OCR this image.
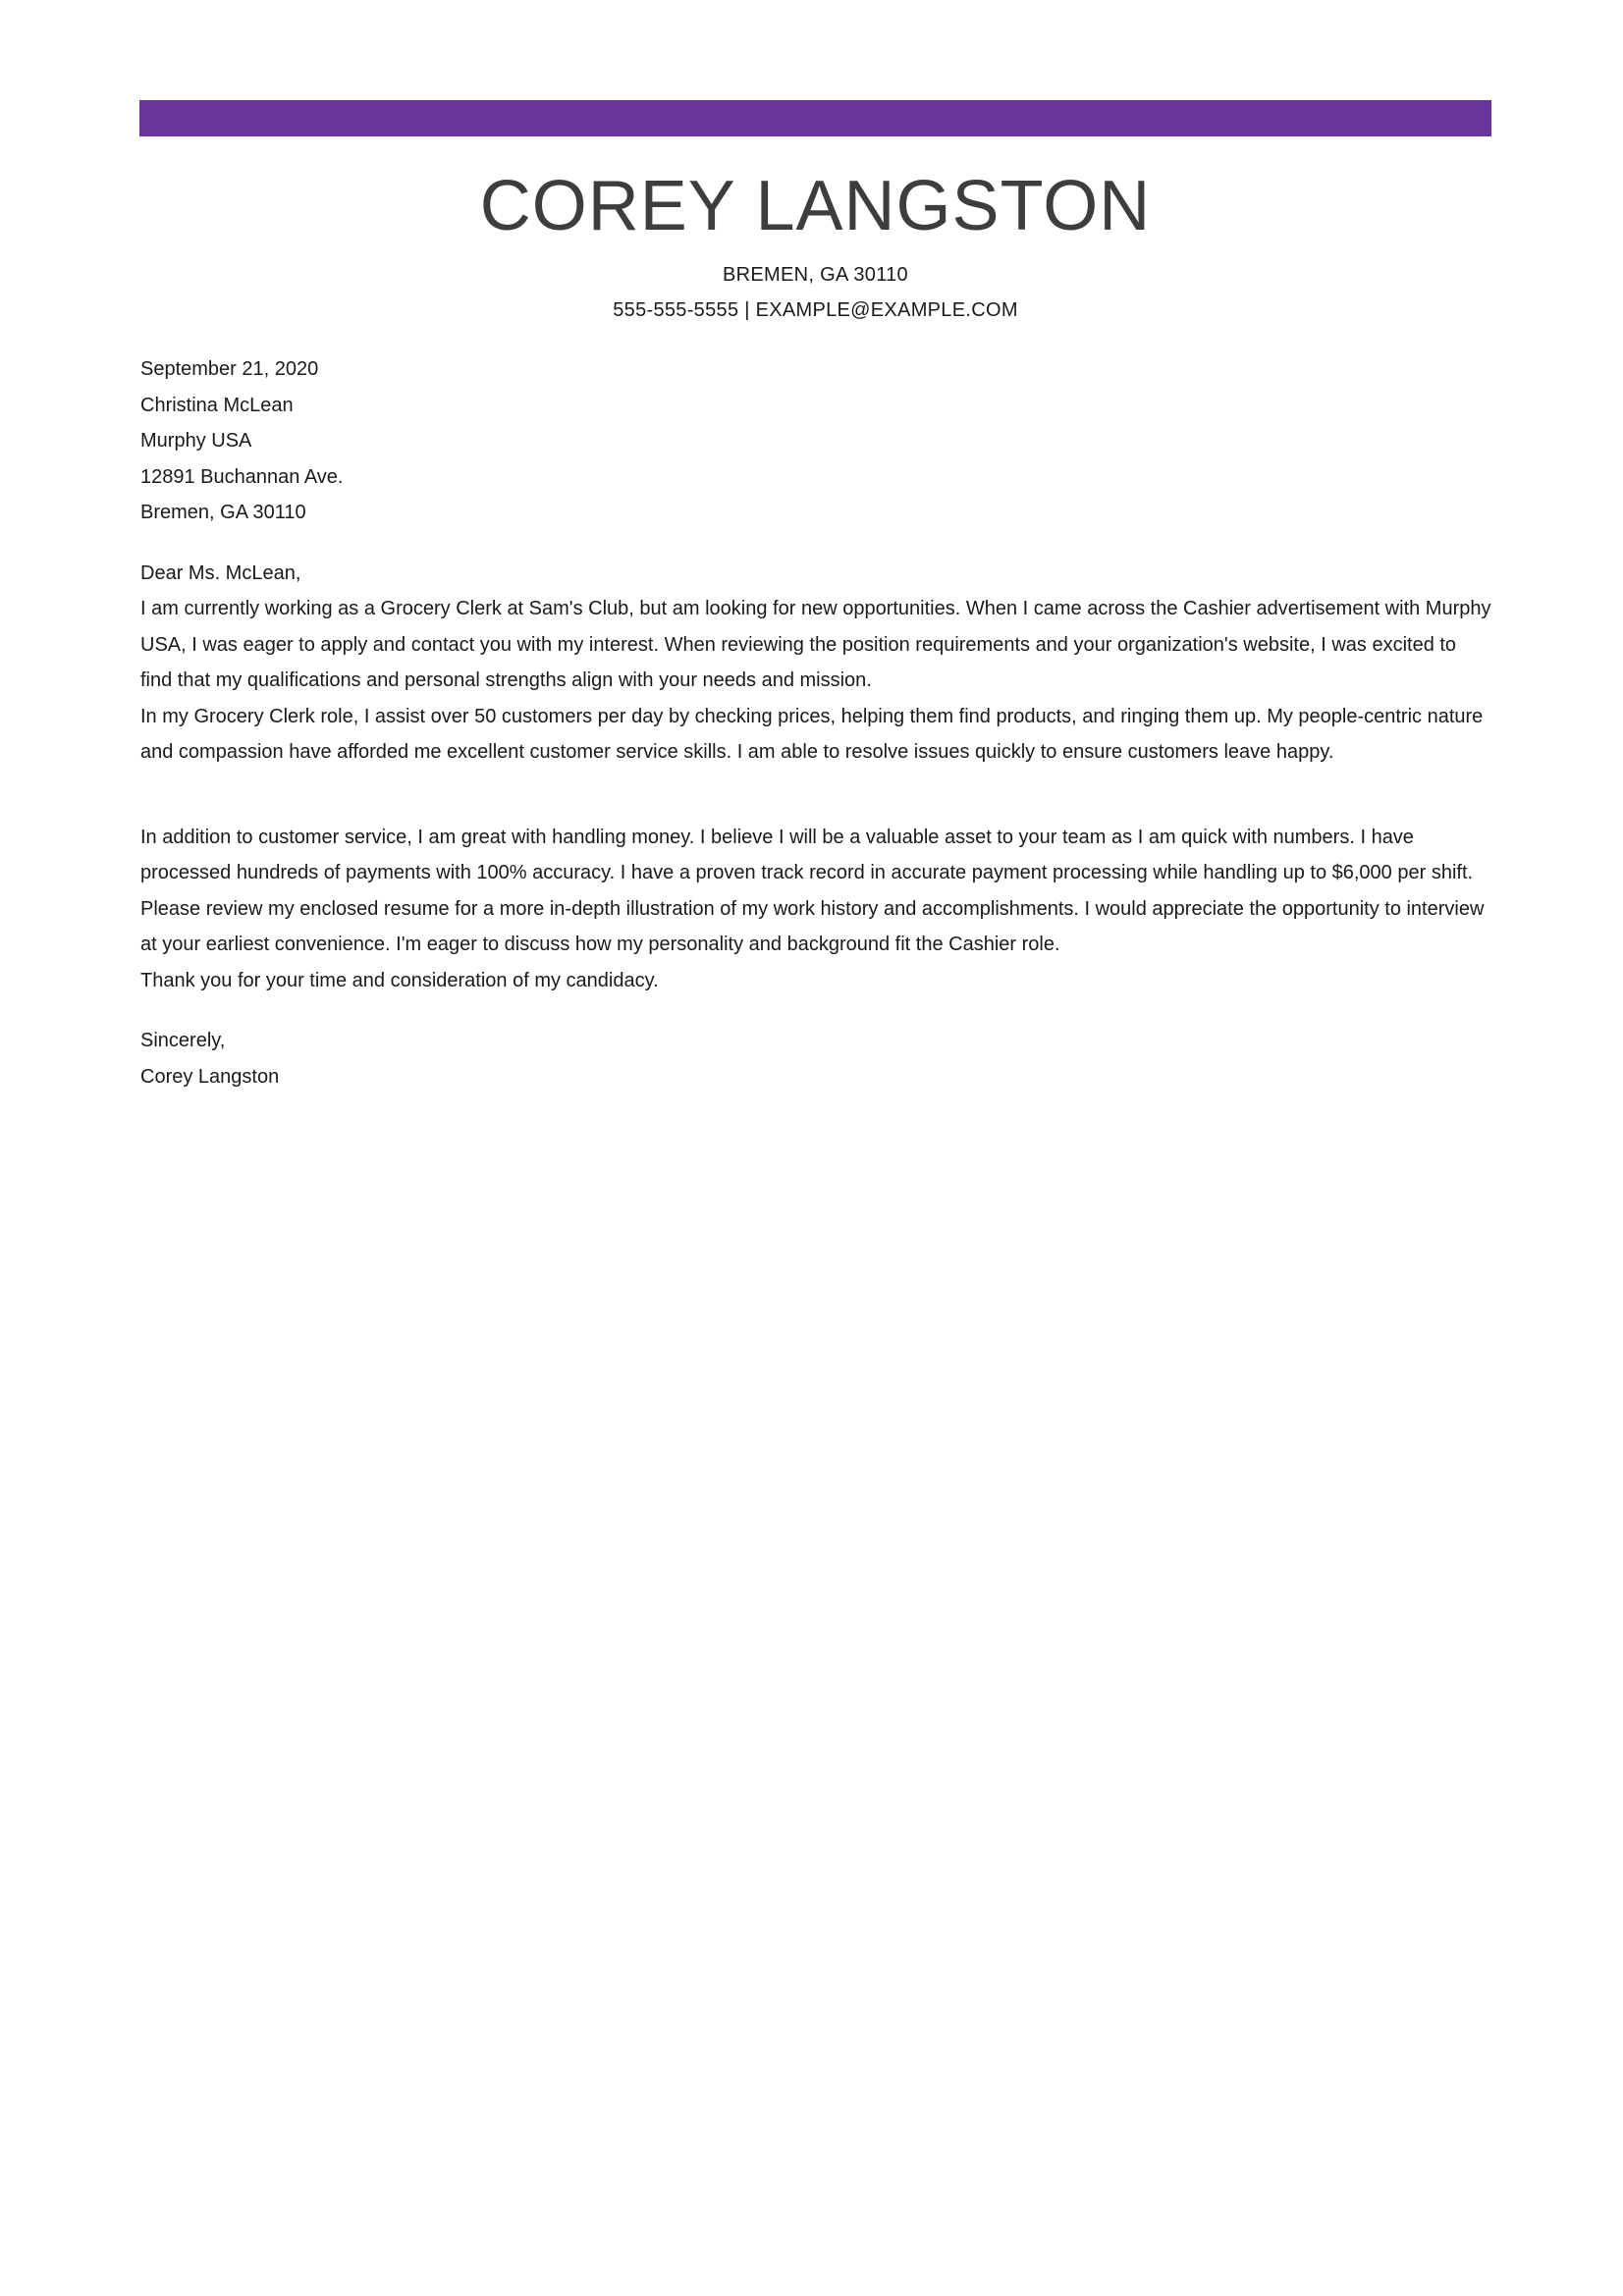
COREY LANGSTON
BREMEN, GA 30110
555-555-5555 | EXAMPLE@EXAMPLE.COM

September 21, 2020

Christina McLean
Murphy USA
12891 Buchannan Ave.
Bremen, GA 30110

Dear Ms. McLean,

I am currently working as a Grocery Clerk at Sam's Club, but am looking for new opportunities. When I came across the Cashier advertisement with Murphy USA, I was eager to apply and contact you with my interest. When reviewing the position requirements and your organization's website, I was excited to find that my qualifications and personal strengths align with your needs and mission.

In my Grocery Clerk role, I assist over 50 customers per day by checking prices, helping them find products, and ringing them up. My people-centric nature and compassion have afforded me excellent customer service skills. I am able to resolve issues quickly to ensure customers leave happy.

In addition to customer service, I am great with handling money. I believe I will be a valuable asset to your team as I am quick with numbers. I have processed hundreds of payments with 100% accuracy. I have a proven track record in accurate payment processing while handling up to $6,000 per shift.

Please review my enclosed resume for a more in-depth illustration of my work history and accomplishments. I would appreciate the opportunity to interview at your earliest convenience. I'm eager to discuss how my personality and background fit the Cashier role.
Thank you for your time and consideration of my candidacy.
Sincerely,
Corey Langston
